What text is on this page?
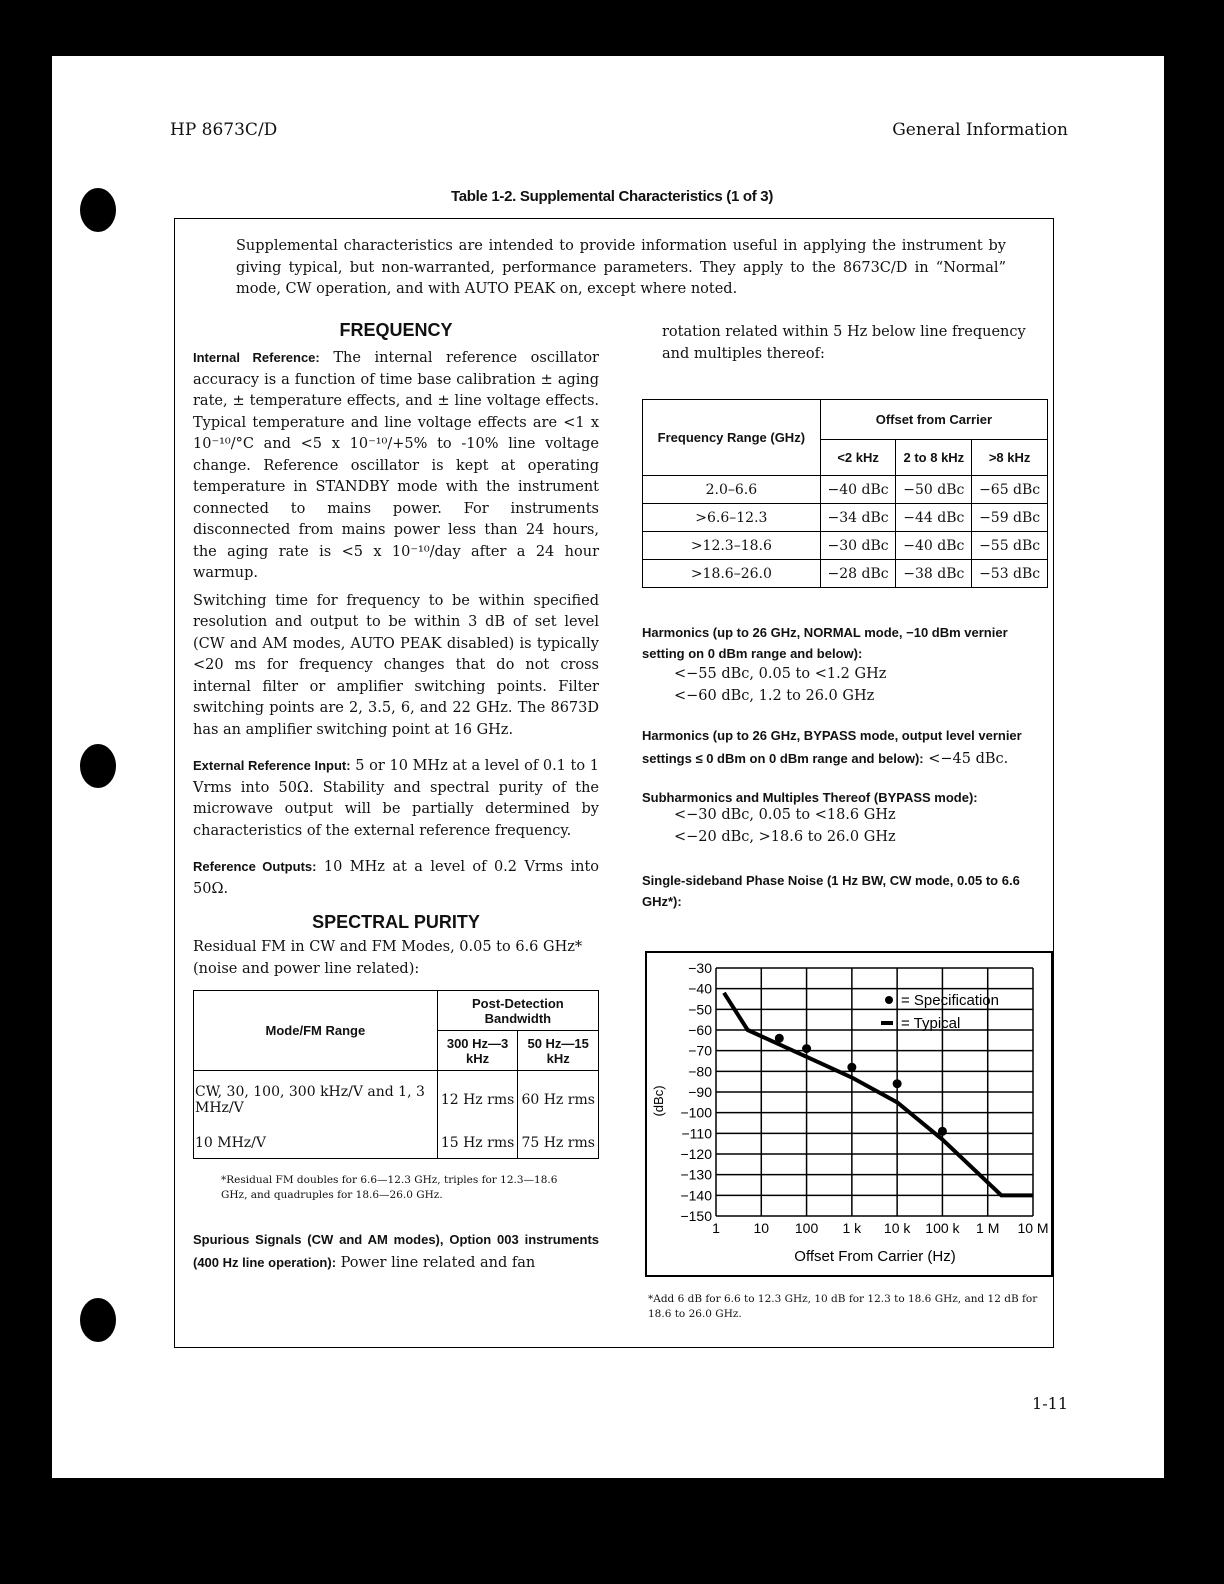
HP 8673C/D	General Information
Table 1-2. Supplemental Characteristics (1 of 3)

Supplemental characteristics are intended to provide information useful in applying the instrument by giving typical, but non-warranted, performance parameters. They apply to the 8673C/D in “Normal” mode, CW operation, and with AUTO PEAK on, except where noted.

FREQUENCY

Internal Reference: The internal reference oscillator accuracy is a function of time base calibration ± aging rate, ± temperature effects, and ± line voltage effects. Typical temperature and line voltage effects are <1 x 10⁻¹⁰/°C and <5 x 10⁻¹⁰/+5% to -10% line voltage change. Reference oscillator is kept at operating temperature in STANDBY mode with the instrument connected to mains power. For instruments disconnected from mains power less than 24 hours, the aging rate is <5 x 10⁻¹⁰/day after a 24 hour warmup.

Switching time for frequency to be within specified resolution and output to be within 3 dB of set level (CW and AM modes, AUTO PEAK disabled) is typically <20 ms for frequency changes that do not cross internal filter or amplifier switching points. Filter switching points are 2, 3.5, 6, and 22 GHz. The 8673D has an amplifier switching point at 16 GHz.

External Reference Input: 5 or 10 MHz at a level of 0.1 to 1 Vrms into 50Ω. Stability and spectral purity of the microwave output will be partially determined by characteristics of the external reference frequency.

Reference Outputs: 10 MHz at a level of 0.2 Vrms into 50Ω.

SPECTRAL PURITY

Residual FM in CW and FM Modes, 0.05 to 6.6 GHz* (noise and power line related):

Mode/FM Range	Post-Detection Bandwidth	
	300 Hz—3 kHz	50 Hz—15 kHz
CW, 30, 100, 300 kHz/V and 1, 3 MHz/V	12 Hz rms	60 Hz rms
10 MHz/V	15 Hz rms	75 Hz rms

*Residual FM doubles for 6.6—12.3 GHz, triples for 12.3—18.6 GHz, and quadruples for 18.6—26.0 GHz.

Spurious Signals (CW and AM modes), Option 003 instruments (400 Hz line operation): Power line related and fan

rotation related within 5 Hz below line frequency and multiples thereof:

Frequency Range (GHz)	Offset from Carrier		
	<2 kHz	2 to 8 kHz	>8 kHz
2.0–6.6	−40 dBc	−50 dBc	−65 dBc
>6.6–12.3	−34 dBc	−44 dBc	−59 dBc
>12.3–18.6	−30 dBc	−40 dBc	−55 dBc
>18.6–26.0	−28 dBc	−38 dBc	−53 dBc

Harmonics (up to 26 GHz, NORMAL mode, −10 dBm vernier setting on 0 dBm range and below):

<−55 dBc, 0.05 to <1.2 GHz

<−60 dBc, 1.2 to 26.0 GHz

Harmonics (up to 26 GHz, BYPASS mode, output level vernier settings ≤ 0 dBm on 0 dBm range and below): <−45 dBc.

Subharmonics and Multiples Thereof (BYPASS mode):

<−30 dBc, 0.05 to <18.6 GHz

<−20 dBc, >18.6 to 26.0 GHz

Single-sideband Phase Noise (1 Hz BW, CW mode, 0.05 to 6.6 GHz*):

−30
−40
−50
−60
−70
−80
−90
−100
−110
−120
−130
−140
−150
1 10 100 1 k 10 k 100 k 1 M 10 M
(dBc)
Offset From Carrier (Hz)
= Specification
= Typical

*Add 6 dB for 6.6 to 12.3 GHz, 10 dB for 12.3 to 18.6 GHz, and 12 dB for 18.6 to 26.0 GHz.

1-11
